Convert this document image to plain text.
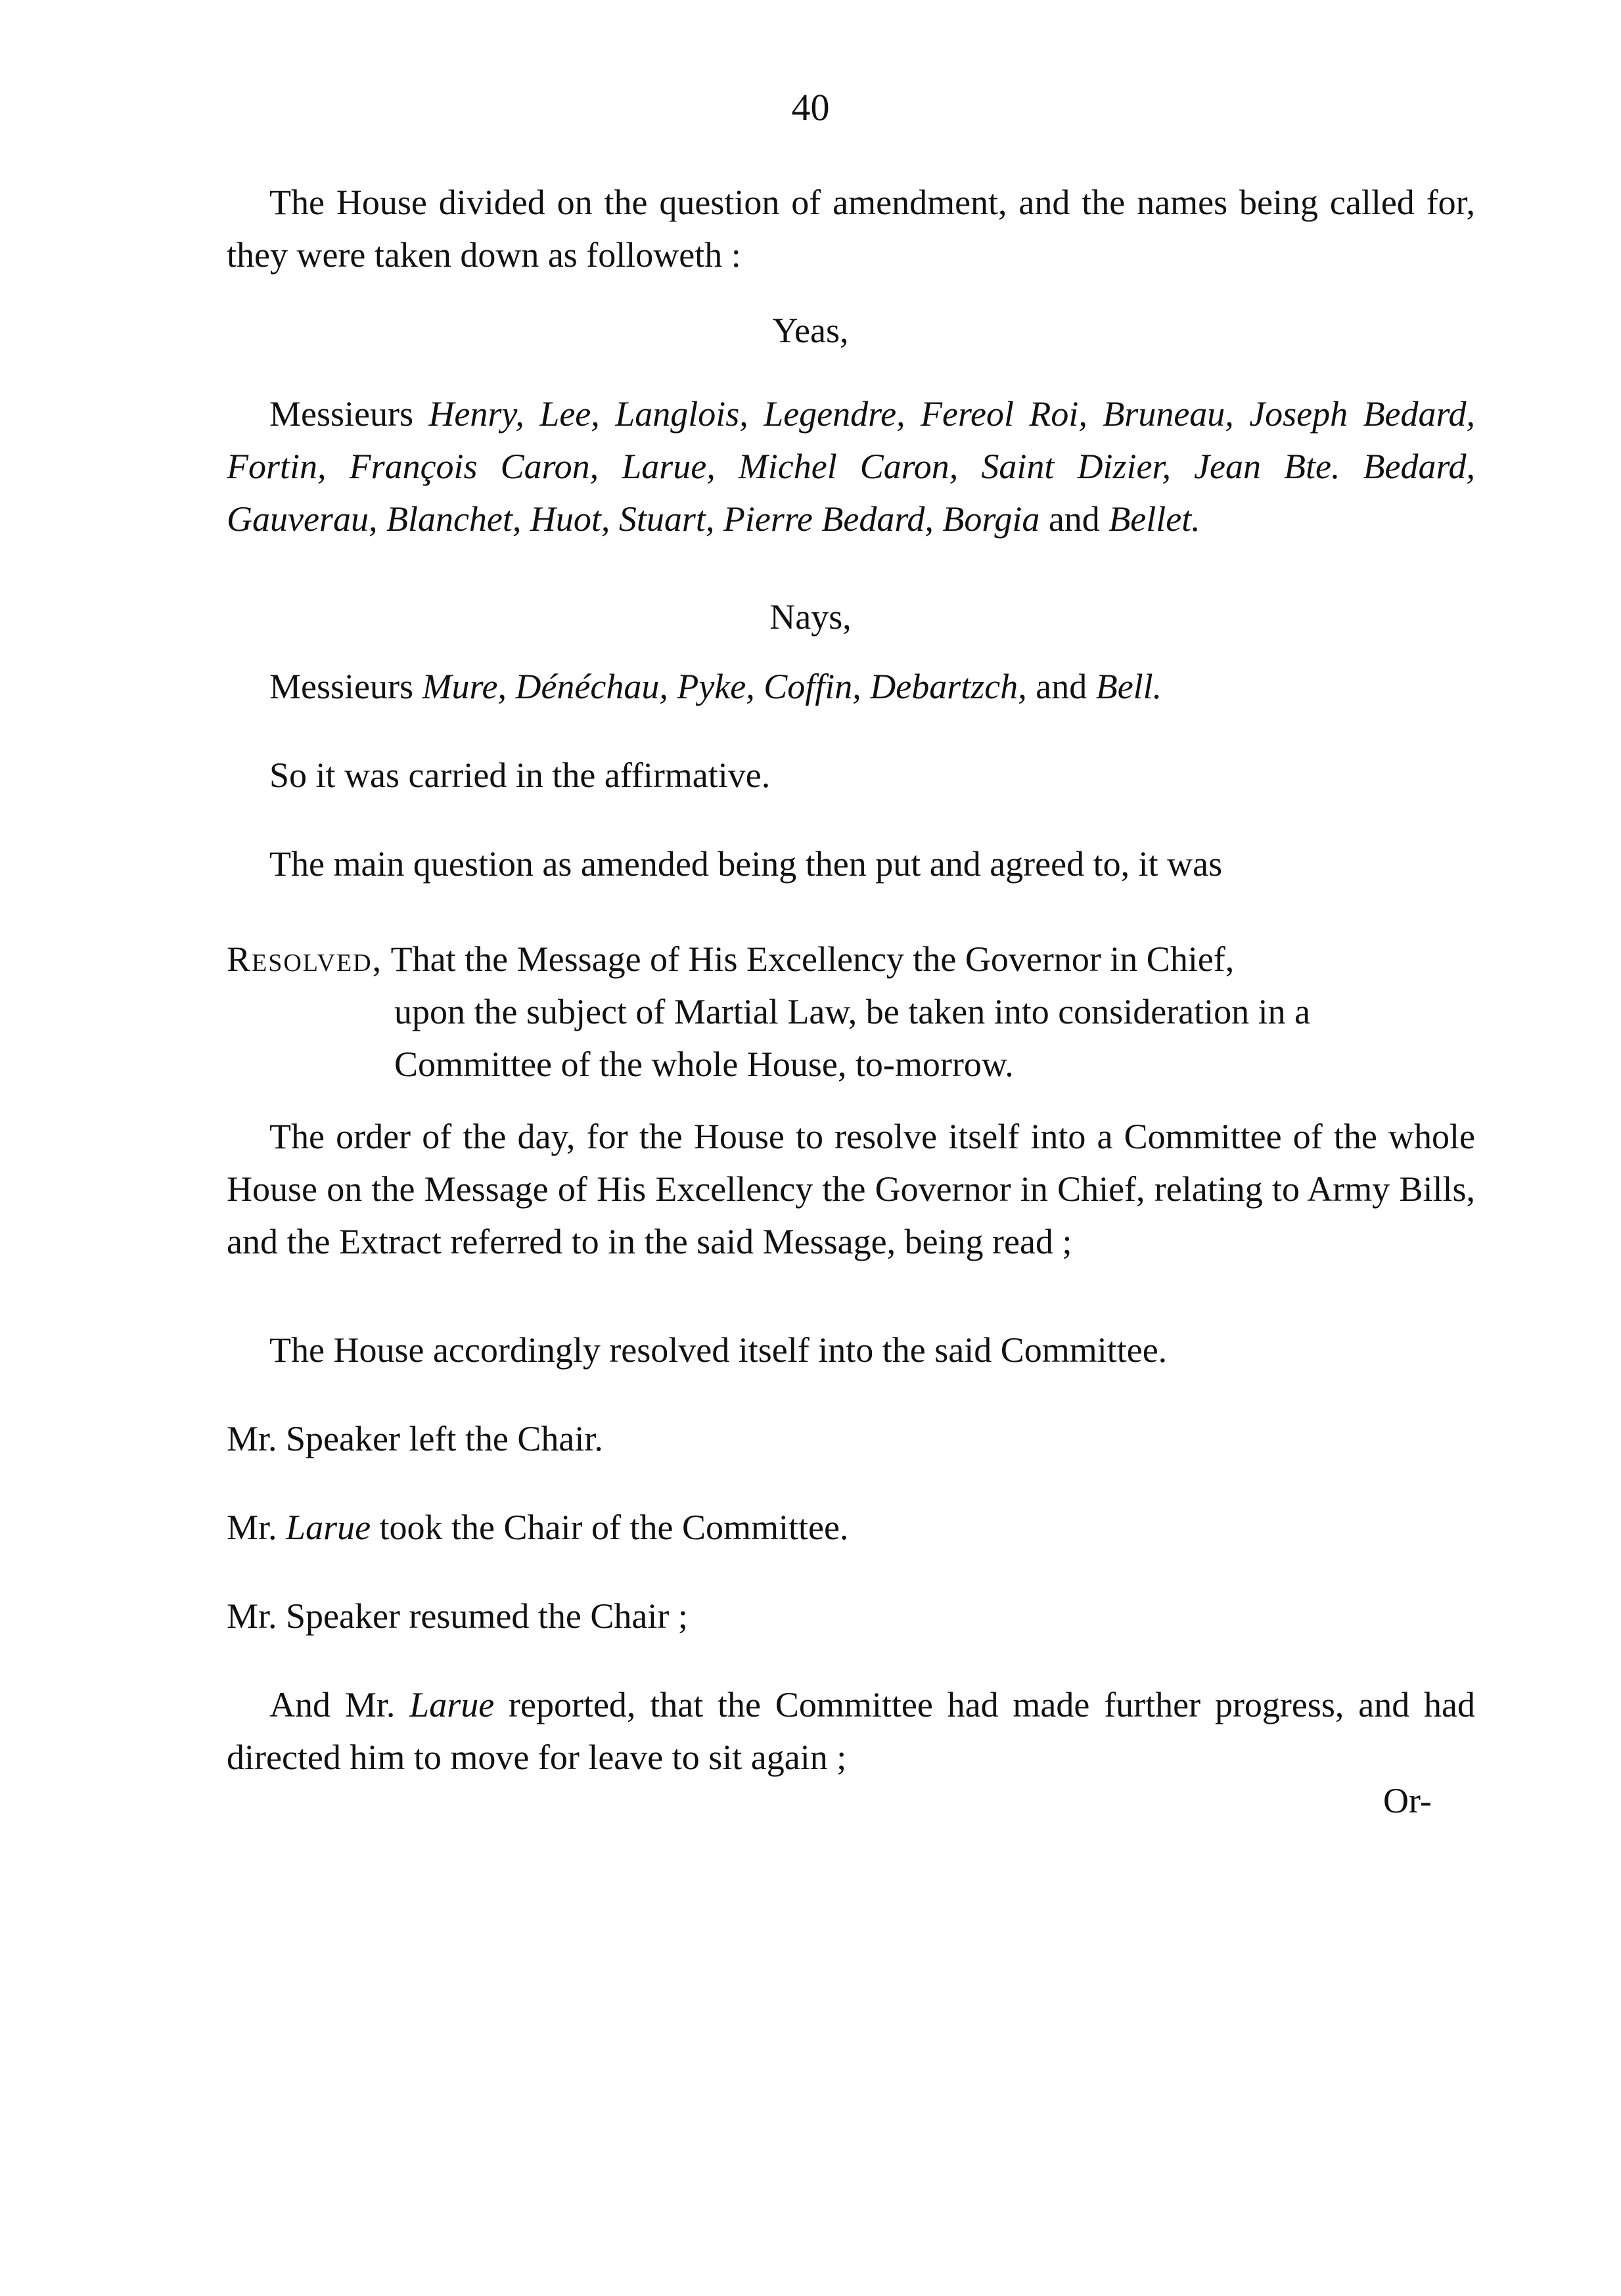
40

The House divided on the question of amendment, and the names being called for, they were taken down as followeth :

Yeas,

Messieurs Henry, Lee, Langlois, Legendre, Fereol Roi, Bruneau, Joseph Bedard, Fortin, François Caron, Larue, Michel Caron, Saint Dizier, Jean Bte. Bedard, Gauverau, Blanchet, Huot, Stuart, Pierre Bedard, Borgia and Bellet.

Nays,

Messieurs Mure, Dénéchau, Pyke, Coffin, Debartzch, and Bell.

So it was carried in the affirmative.

The main question as amended being then put and agreed to, it was

Resolved, That the Message of His Excellency the Governor in Chief,
upon the subject of Martial Law, be taken into consideration in a Committee of the whole House, to-morrow.

The order of the day, for the House to resolve itself into a Committee of the whole House on the Message of His Excellency the Governor in Chief, relating to Army Bills, and the Extract referred to in the said Message, being read ;

The House accordingly resolved itself into the said Committee.

Mr. Speaker left the Chair.

Mr. Larue took the Chair of the Committee.

Mr. Speaker resumed the Chair ;

And Mr. Larue reported, that the Committee had made further progress, and had directed him to move for leave to sit again ;

Or-
